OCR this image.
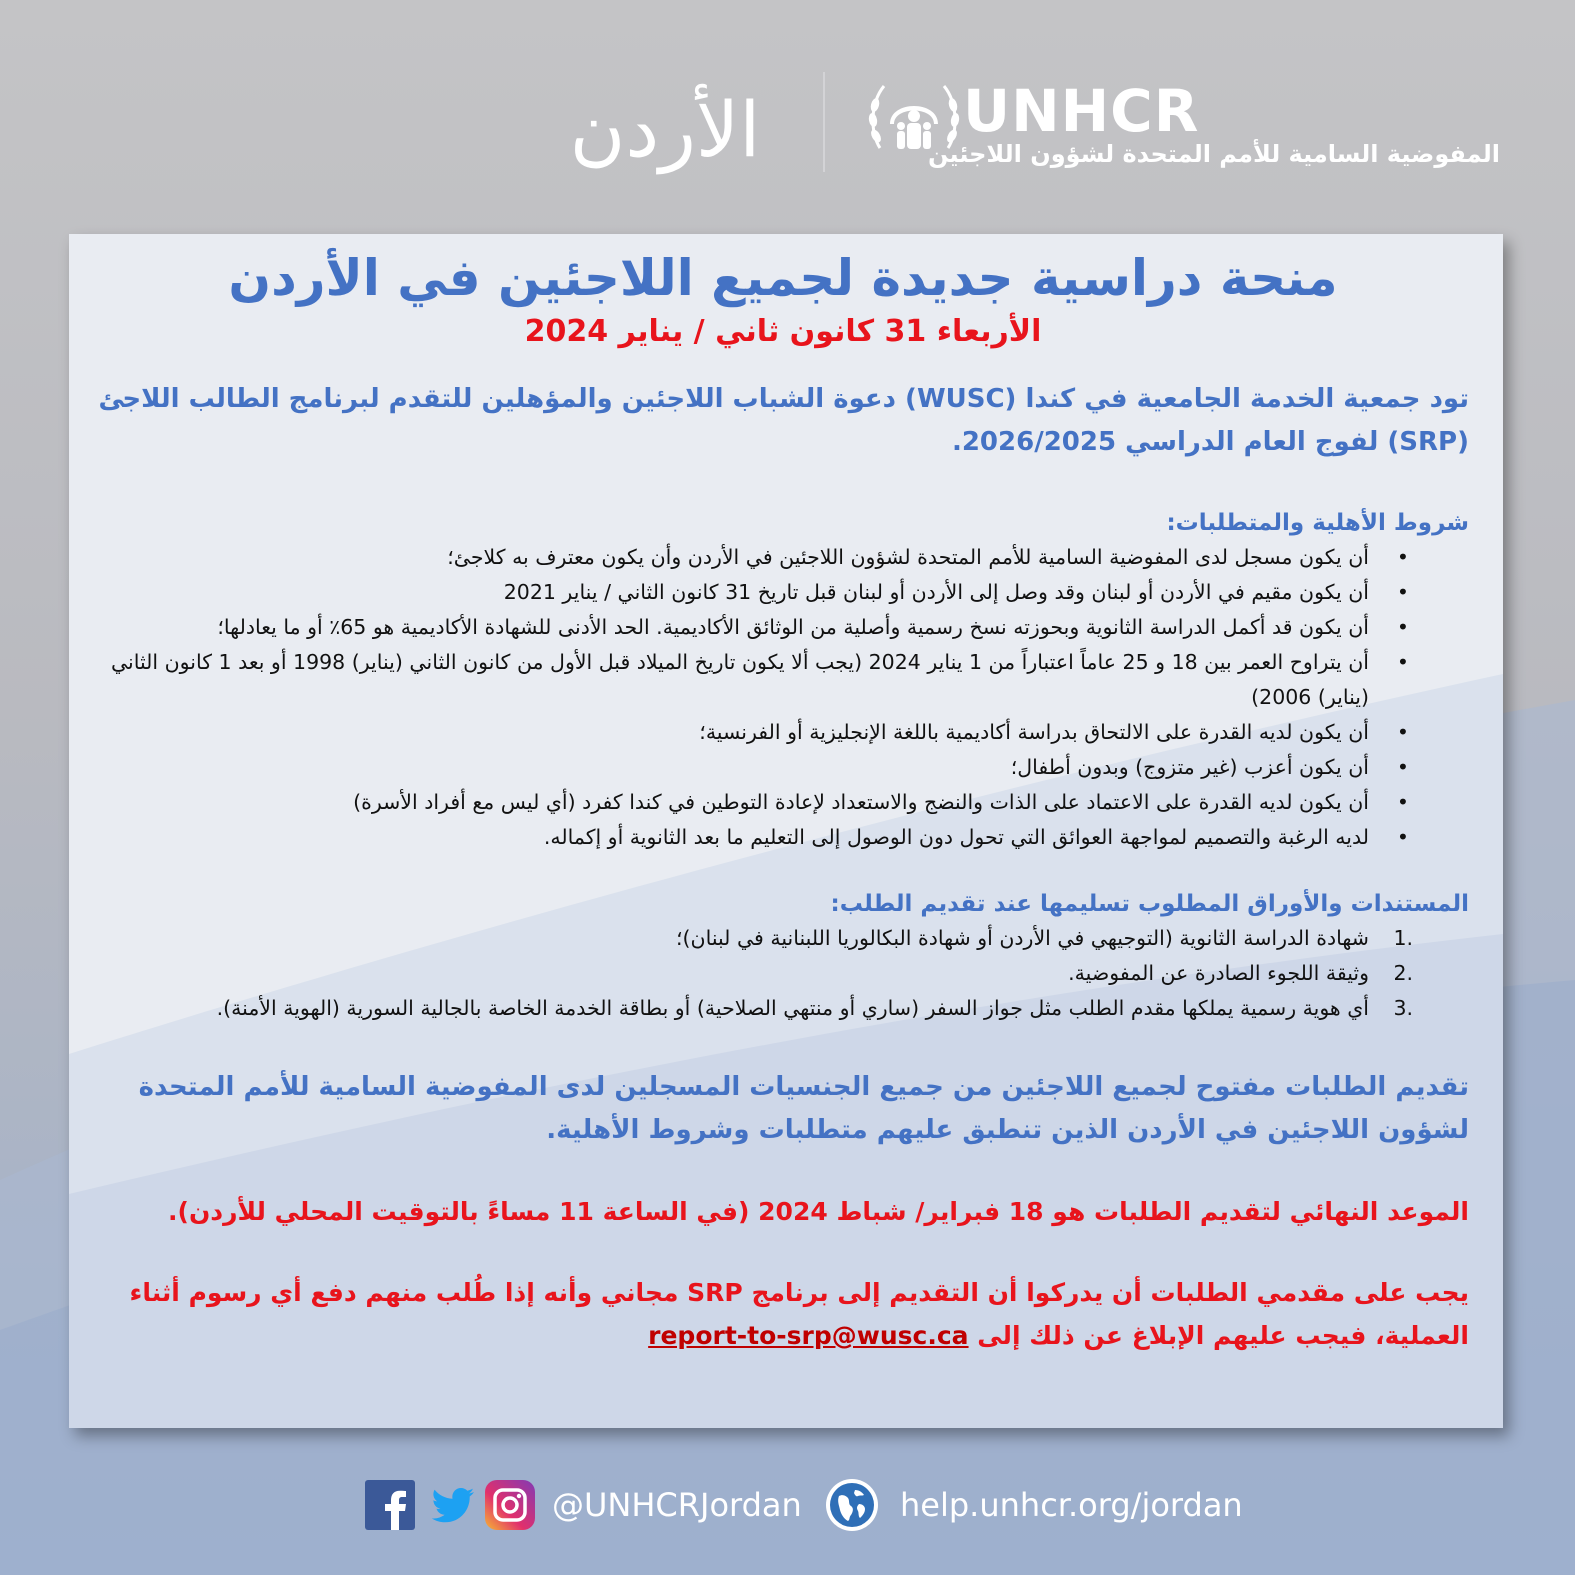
الأردن	UNHCR
المفوضية السامية للأمم المتحدة لشؤون اللاجئين
منحة دراسية جديدة لجميع اللاجئين في الأردن
الأربعاء 31 كانون ثاني / يناير 2024
تود جمعية الخدمة الجامعية في كندا (WUSC) دعوة الشباب اللاجئين والمؤهلين للتقدم لبرنامج الطالب اللاجئ (SRP) لفوج العام الدراسي 2026/2025.
شروط الأهلية والمتطلبات:
•
أن يكون مسجل لدى المفوضية السامية للأمم المتحدة لشؤون اللاجئين في الأردن وأن يكون معترف به كلاجئ؛
•
أن يكون مقيم في الأردن أو لبنان وقد وصل إلى الأردن أو لبنان قبل تاريخ 31 كانون الثاني / يناير 2021
•
أن يكون قد أكمل الدراسة الثانوية وبحوزته نسخ رسمية وأصلية من الوثائق الأكاديمية. الحد الأدنى للشهادة الأكاديمية هو 65٪ أو ما يعادلها؛
•
أن يتراوح العمر بين 18 و 25 عاماً اعتباراً من 1 يناير 2024 (يجب ألا يكون تاريخ الميلاد قبل الأول من كانون الثاني (يناير) 1998 أو بعد 1 كانون الثاني (يناير) 2006)
•
أن يكون لديه القدرة على الالتحاق بدراسة أكاديمية باللغة الإنجليزية أو الفرنسية؛
•
أن يكون أعزب (غير متزوج) وبدون أطفال؛
•
أن يكون لديه القدرة على الاعتماد على الذات والنضج والاستعداد لإعادة التوطين في كندا كفرد (أي ليس مع أفراد الأسرة)
•
لديه الرغبة والتصميم لمواجهة العوائق التي تحول دون الوصول إلى التعليم ما بعد الثانوية أو إكماله.
المستندات والأوراق المطلوب تسليمها عند تقديم الطلب:
1.
شهادة الدراسة الثانوية (التوجيهي في الأردن أو شهادة البكالوريا اللبنانية في لبنان)؛
2.
وثيقة اللجوء الصادرة عن المفوضية.
3.
أي هوية رسمية يملكها مقدم الطلب مثل جواز السفر (ساري أو منتهي الصلاحية) أو بطاقة الخدمة الخاصة بالجالية السورية (الهوية الأمنة).
تقديم الطلبات مفتوح لجميع اللاجئين من جميع الجنسيات المسجلين لدى المفوضية السامية للأمم المتحدة لشؤون اللاجئين في الأردن الذين تنطبق عليهم متطلبات وشروط الأهلية.
الموعد النهائي لتقديم الطلبات هو 18 فبراير/ شباط 2024 (في الساعة 11 مساءً بالتوقيت المحلي للأردن).
يجب على مقدمي الطلبات أن يدركوا أن التقديم إلى برنامج SRP مجاني وأنه إذا طُلب منهم دفع أي رسوم أثناء العملية، فيجب عليهم الإبلاغ عن ذلك إلى report-to-srp@wusc.ca
@UNHCRJordan	help.unhcr.org/jordan
